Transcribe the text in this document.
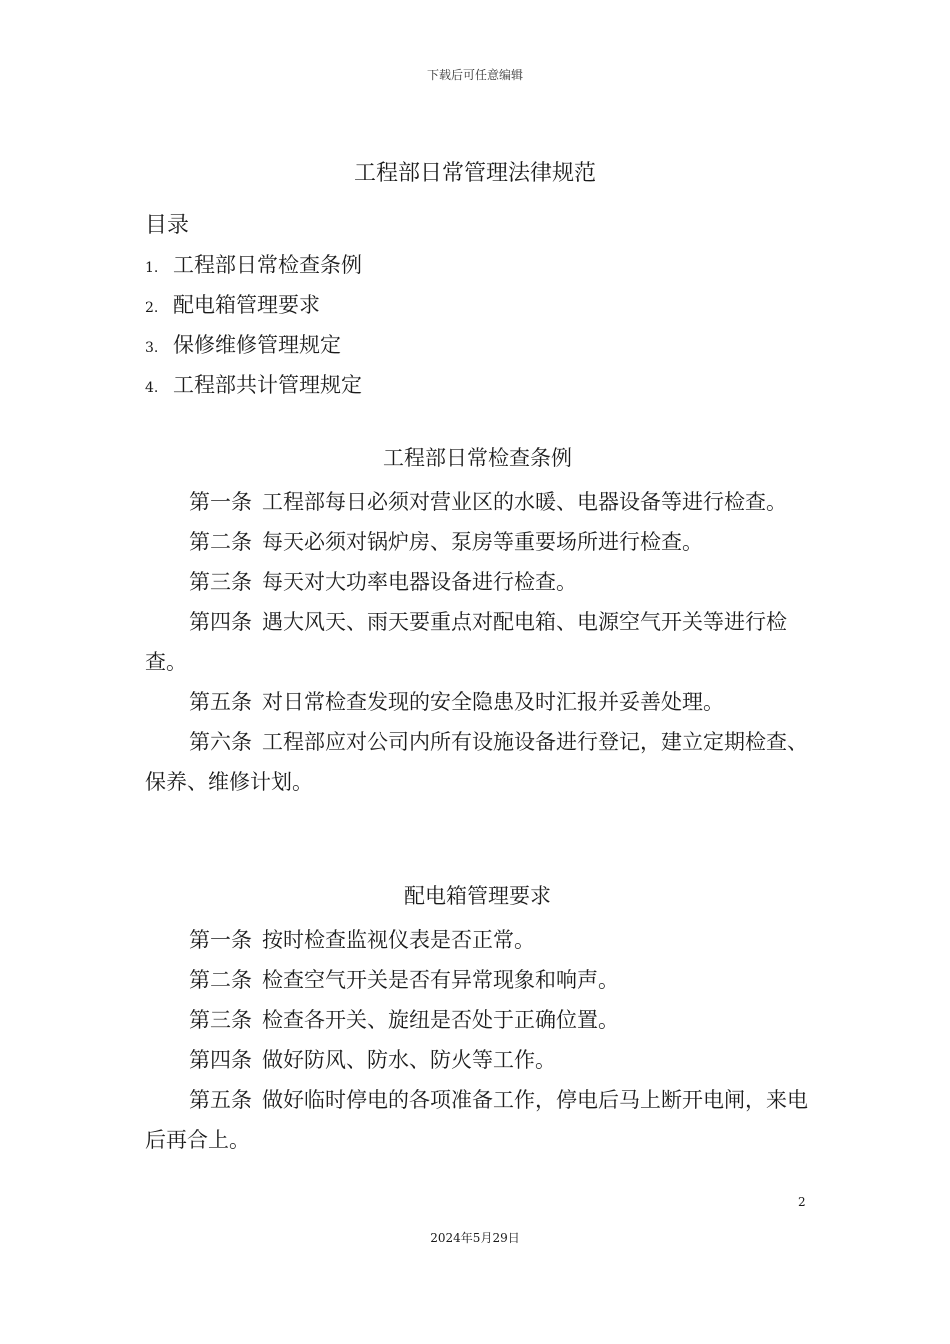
下载后可任意编辑
工程部日常管理法律规范
目录
1. 工程部日常检查条例
2. 配电箱管理要求
3. 保修维修管理规定
4. 工程部共计管理规定
工程部日常检查条例

第一条 工程部每日必须对营业区的水暖、电器设备等进行检查。

第二条 每天必须对锅炉房、泵房等重要场所进行检查。

第三条 每天对大功率电器设备进行检查。

第四条 遇大风天、雨天要重点对配电箱、电源空气开关等进行检查。

第五条 对日常检查发现的安全隐患及时汇报并妥善处理。

第六条 工程部应对公司内所有设施设备进行登记，建立定期检查、保养、维修计划。

配电箱管理要求

第一条 按时检查监视仪表是否正常。

第二条 检查空气开关是否有异常现象和响声。

第三条 检查各开关、旋纽是否处于正确位置。

第四条 做好防风、防水、防火等工作。

第五条 做好临时停电的各项准备工作，停电后马上断开电闸，来电后再合上。

2
2024年5月29日
